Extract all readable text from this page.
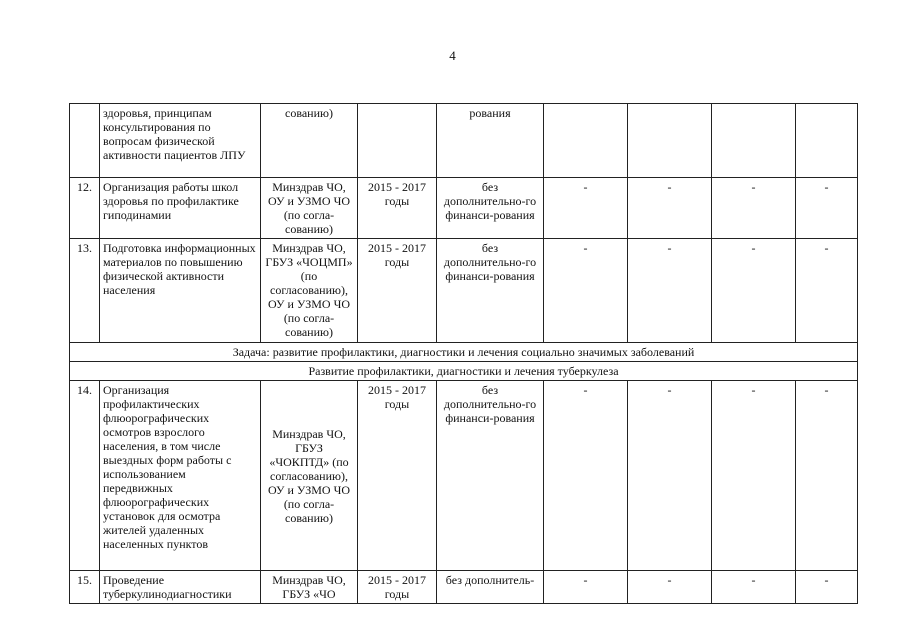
4
	здоровья, принципам консультирования по вопросам физической активности пациентов ЛПУ	сованию)		рования				
12.	Организация работы школ здоровья по профилактике гиподинамии	Минздрав ЧО, ОУ и УЗМО ЧО (по согла-сованию)	2015 - 2017 годы	без дополнительно-го финанси-рования	-	-	-	-
13.	Подготовка информационных материалов по повышению физической активности населения	Минздрав ЧО, ГБУЗ «ЧОЦМП» (по согласованию), ОУ и УЗМО ЧО (по согла-сованию)	2015 - 2017 годы	без дополнительно-го финанси-рования	-	-	-	-
Задача: развитие профилактики, диагностики и лечения социально значимых заболеваний								
Развитие профилактики, диагностики и лечения туберкулеза								
14.	Организация профилактических флюорографических осмотров взрослого населения, в том числе выездных форм работы с использованием передвижных флюорографических установок для осмотра жителей удаленных населенных пунктов	Минздрав ЧО, ГБУЗ «ЧОКПТД» (по согласованию), ОУ и УЗМО ЧО (по согла-сованию)	2015 - 2017 годы	без дополнительно-го финанси-рования	-	-	-	-
15.	Проведение туберкулинодиагностики	Минздрав ЧО, ГБУЗ «ЧО	2015 - 2017 годы	без дополнитель-	-	-	-	-
